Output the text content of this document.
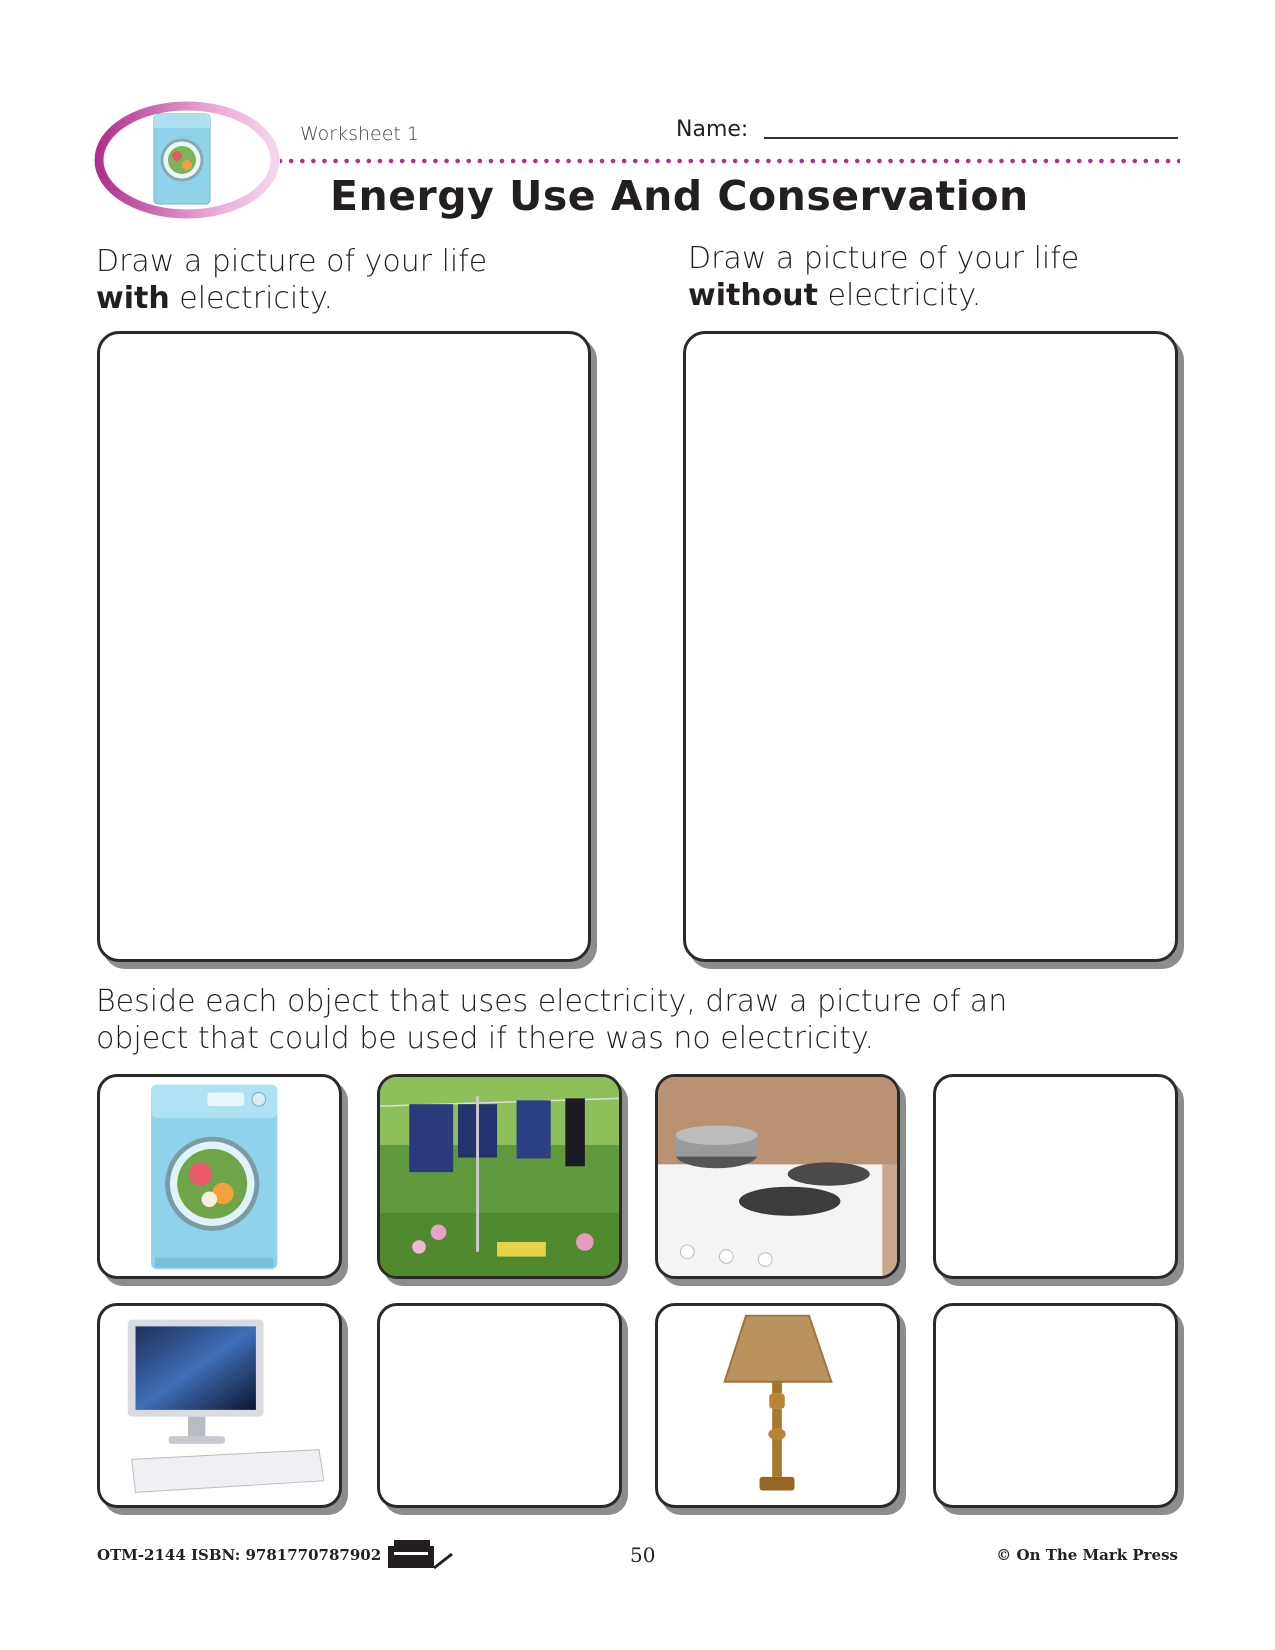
Worksheet 1	Name:
Energy Use And Conservation
Draw a picture of your life
with electricity.
Draw a picture of your life
without electricity.
Beside each object that uses electricity, draw a picture of an
object that could be used if there was no electricity.
OTM-2144 ISBN: 9781770787902	50	© On The Mark Press
